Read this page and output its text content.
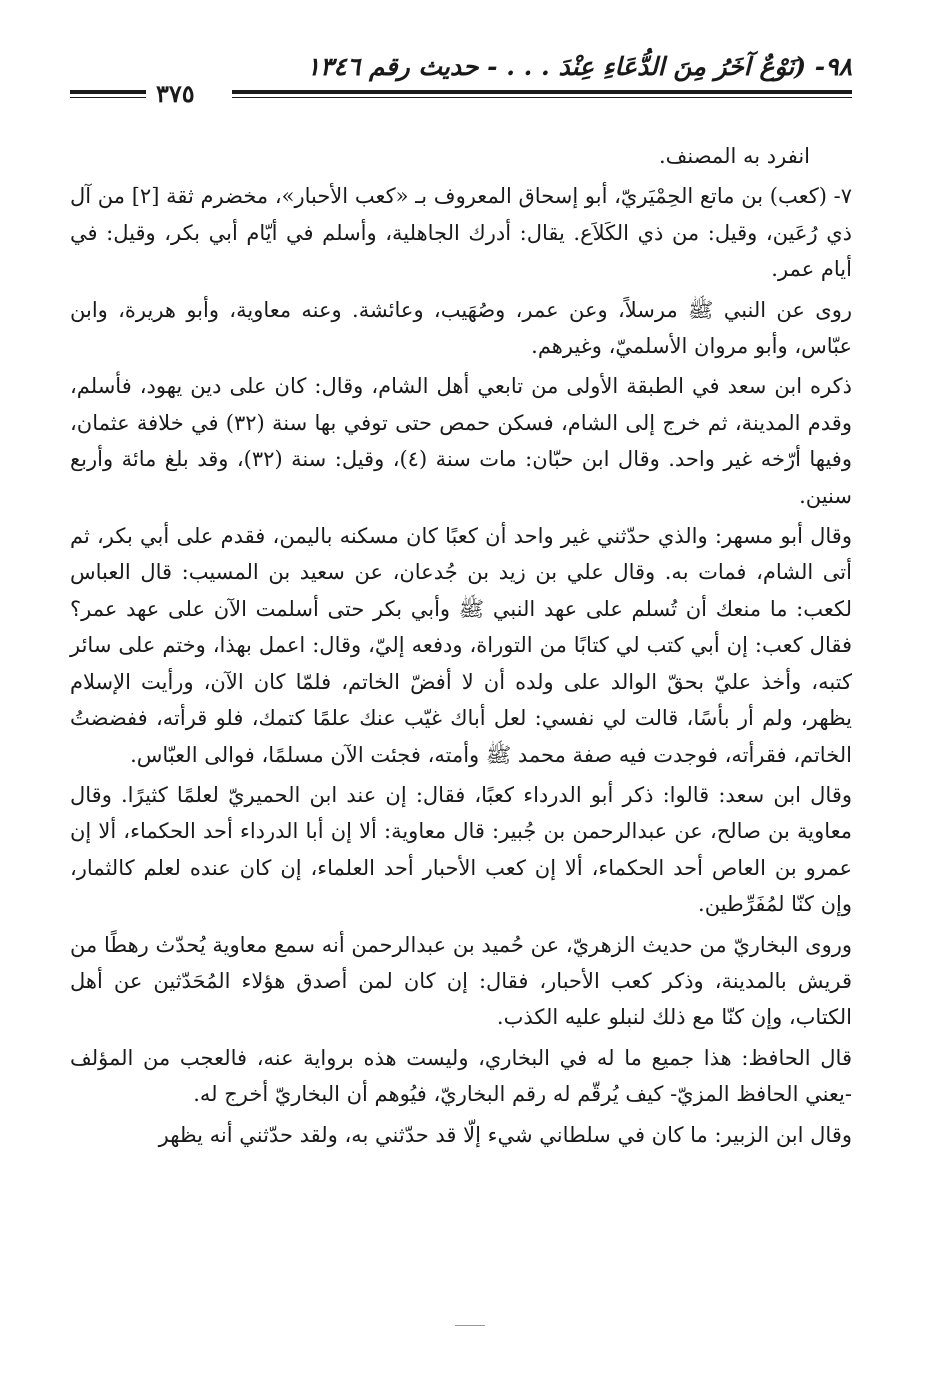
٩٨- (نَوْعٌ آخَرُ مِنَ الدُّعَاءِ عِنْدَ . . . - حديث رقم ١٣٤٦
٣٧٥

انفرد به المصنف.

٧- (كعب) بن ماتع الحِمْيَريّ، أبو إسحاق المعروف بـ «كعب الأحبار»، مخضرم ثقة [٢] من آل ذي رُعَين، وقيل: من ذي الكَلاَع. يقال: أدرك الجاهلية، وأسلم في أيّام أبي بكر، وقيل: في أيام عمر.

روى عن النبي ﷺ مرسلاً، وعن عمر، وصُهَيب، وعائشة. وعنه معاوية، وأبو هريرة، وابن عبّاس، وأبو مروان الأسلميّ، وغيرهم.

ذكره ابن سعد في الطبقة الأولى من تابعي أهل الشام، وقال: كان على دين يهود، فأسلم، وقدم المدينة، ثم خرج إلى الشام، فسكن حمص حتى توفي بها سنة (٣٢) في خلافة عثمان، وفيها أرّخه غير واحد. وقال ابن حبّان: مات سنة (٤)، وقيل: سنة (٣٢)، وقد بلغ مائة وأربع سنين.

وقال أبو مسهر: والذي حدّثني غير واحد أن كعبًا كان مسكنه باليمن، فقدم على أبي بكر، ثم أتى الشام، فمات به. وقال علي بن زيد بن جُدعان، عن سعيد بن المسيب: قال العباس لكعب: ما منعك أن تُسلم على عهد النبي ﷺ وأبي بكر حتى أسلمت الآن على عهد عمر؟ فقال كعب: إن أبي كتب لي كتابًا من التوراة، ودفعه إليّ، وقال: اعمل بهذا، وختم على سائر كتبه، وأخذ عليّ بحقّ الوالد على ولده أن لا أفضّ الخاتم، فلمّا كان الآن، ورأيت الإسلام يظهر، ولم أر بأسًا، قالت لي نفسي: لعل أباك غيّب عنك علمًا كتمك، فلو قرأته، ففضضتُ الخاتم، فقرأته، فوجدت فيه صفة محمد ﷺ وأمته، فجئت الآن مسلمًا، فوالى العبّاس.

وقال ابن سعد: قالوا: ذكر أبو الدرداء كعبًا، فقال: إن عند ابن الحميريّ لعلمًا كثيرًا. وقال معاوية بن صالح، عن عبدالرحمن بن جُبير: قال معاوية: ألا إن أبا الدرداء أحد الحكماء، ألا إن عمرو بن العاص أحد الحكماء، ألا إن كعب الأحبار أحد العلماء، إن كان عنده لعلم كالثمار، وإن كنّا لمُفَرِّطين.

وروى البخاريّ من حديث الزهريّ، عن حُميد بن عبدالرحمن أنه سمع معاوية يُحدّث رهطًا من قريش بالمدينة، وذكر كعب الأحبار، فقال: إن كان لمن أصدق هؤلاء المُحَدّثين عن أهل الكتاب، وإن كنّا مع ذلك لنبلو عليه الكذب.

قال الحافظ: هذا جميع ما له في البخاري، وليست هذه برواية عنه، فالعجب من المؤلف -يعني الحافظ المزيّ- كيف يُرقّم له رقم البخاريّ، فيُوهم أن البخاريّ أخرج له.

وقال ابن الزبير: ما كان في سلطاني شيء إلّا قد حدّثني به، ولقد حدّثني أنه يظهر
